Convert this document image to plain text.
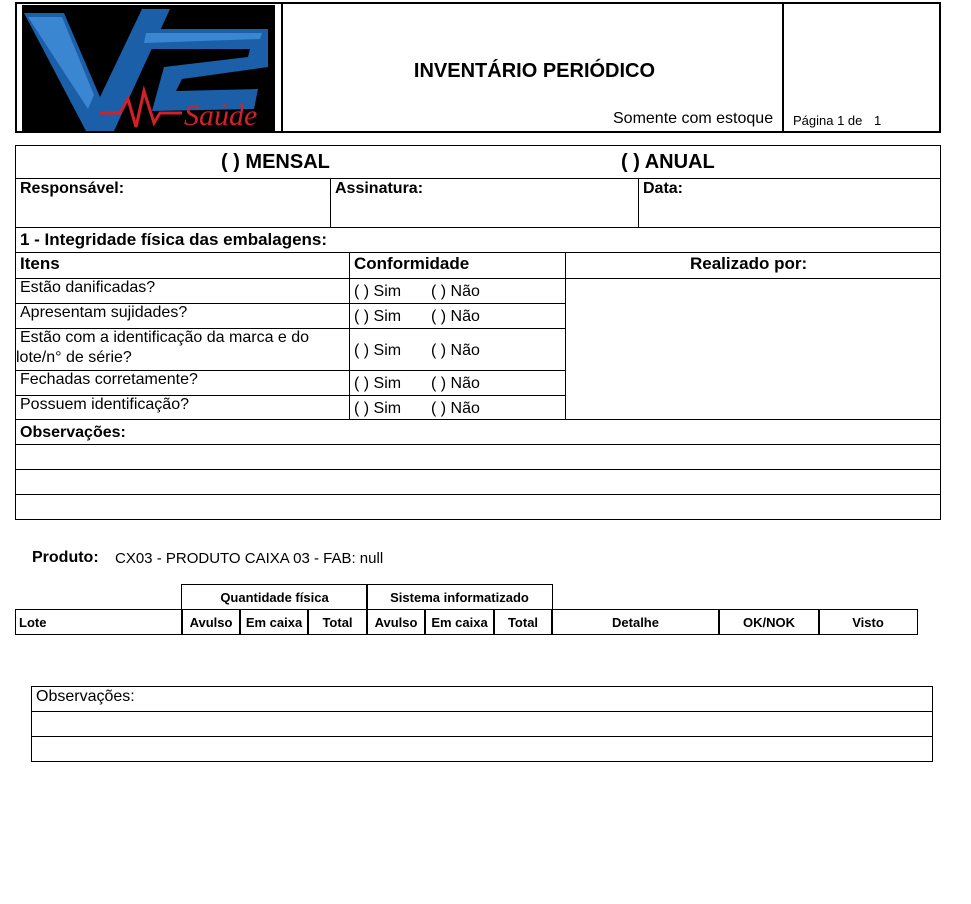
Saúde
INVENTÁRIO PERIÓDICO
Somente com estoque Página 1 de 1
( ) MENSAL	( ) ANUAL
Responsável:	Assinatura:	Data:
1 - Integridade física das embalagens:
Itens	Conformidade	Realizado por:
Estão danificadas?	( ) Sim ( ) Não
Apresentam sujidades?	( ) Sim ( ) Não
Estão com a identificação da marca e do
lote/n° de série?	( ) Sim ( ) Não
Fechadas corretamente?	( ) Sim ( ) Não
Possuem identificação?	( ) Sim ( ) Não
Observações:
Produto: CX03 - PRODUTO CAIXA 03 - FAB: null
Quantidade física	Sistema informatizado
Lote	Avulso	Em caixa	Total	Avulso	Em caixa	Total	Detalhe	OK/NOK	Visto
Observações:
